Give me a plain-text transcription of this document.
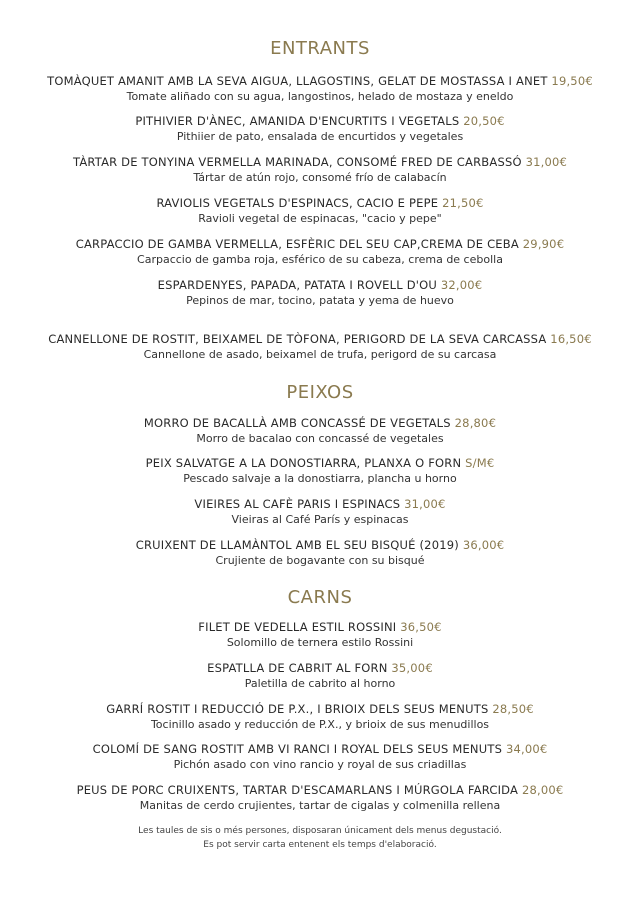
ENTRANTS
TOMÀQUET AMANIT AMB LA SEVA AIGUA, LLAGOSTINS, GELAT DE MOSTASSA I ANET 19,50€
Tomate aliñado con su agua, langostinos, helado de mostaza y eneldo
PITHIVIER D'ÀNEC, AMANIDA D'ENCURTITS I VEGETALS 20,50€
Pithiier de pato, ensalada de encurtidos y vegetales
TÀRTAR DE TONYINA VERMELLA MARINADA, CONSOMÉ FRED DE CARBASSÓ 31,00€
Tártar de atún rojo, consomé frío de calabacín
RAVIOLIS VEGETALS D'ESPINACS, CACIO E PEPE 21,50€
Ravioli vegetal de espinacas, "cacio y pepe"
CARPACCIO DE GAMBA VERMELLA, ESFÈRIC DEL SEU CAP,CREMA DE CEBA 29,90€
Carpaccio de gamba roja, esférico de su cabeza, crema de cebolla
ESPARDENYES, PAPADA, PATATA I ROVELL D'OU 32,00€
Pepinos de mar, tocino, patata y yema de huevo
CANNELLONE DE ROSTIT, BEIXAMEL DE TÒFONA, PERIGORD DE LA SEVA CARCASSA 16,50€
Cannellone de asado, beixamel de trufa, perigord de su carcasa
PEIXOS
MORRO DE BACALLÀ AMB CONCASSÉ DE VEGETALS 28,80€
Morro de bacalao con concassé de vegetales
PEIX SALVATGE A LA DONOSTIARRA, PLANXA O FORN S/M€
Pescado salvaje a la donostiarra, plancha u horno
VIEIRES AL CAFÈ PARIS I ESPINACS 31,00€
Vieiras al Café París y espinacas
CRUIXENT DE LLAMÀNTOL AMB EL SEU BISQUÉ (2019) 36,00€
Crujiente de bogavante con su bisqué
CARNS
FILET DE VEDELLA ESTIL ROSSINI 36,50€
Solomillo de ternera estilo Rossini
ESPATLLA DE CABRIT AL FORN 35,00€
Paletilla de cabrito al horno
GARRÍ ROSTIT I REDUCCIÓ DE P.X., I BRIOIX DELS SEUS MENUTS 28,50€
Tocinillo asado y reducción de P.X., y brioix de sus menudillos
COLOMÍ DE SANG ROSTIT AMB VI RANCI I ROYAL DELS SEUS MENUTS 34,00€
Pichón asado con vino rancio y royal de sus criadillas
PEUS DE PORC CRUIXENTS, TARTAR D'ESCAMARLANS I MÚRGOLA FARCIDA 28,00€
Manitas de cerdo crujientes, tartar de cigalas y colmenilla rellena
Les taules de sis o més persones, disposaran únicament dels menus degustació.
Es pot servir carta entenent els temps d'elaboració.
